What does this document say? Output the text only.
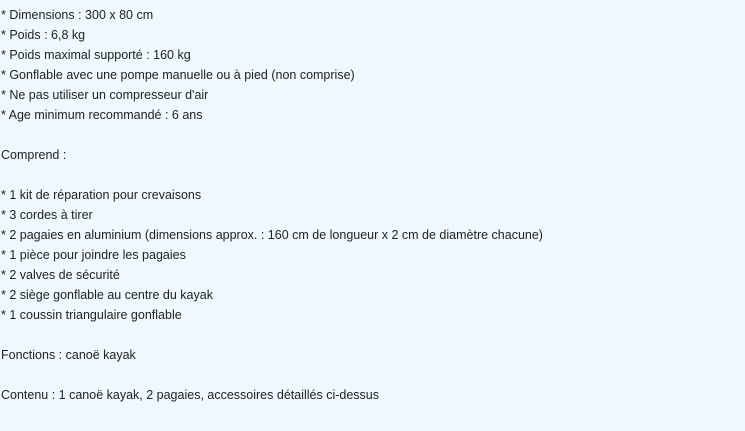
* Dimensions : 300 x 80 cm
* Poids : 6,8 kg
* Poids maximal supporté : 160 kg
* Gonflable avec une pompe manuelle ou à pied (non comprise)
* Ne pas utiliser un compresseur d'air
* Age minimum recommandé : 6 ans
Comprend :
* 1 kit de réparation pour crevaisons
* 3 cordes à tirer
* 2 pagaies en aluminium (dimensions approx. : 160 cm de longueur x 2 cm de diamètre chacune)
* 1 pièce pour joindre les pagaies
* 2 valves de sécurité
* 2 siège gonflable au centre du kayak
* 1 coussin triangulaire gonflable
Fonctions : canoë kayak
Contenu : 1 canoë kayak, 2 pagaies, accessoires détaillés ci-dessus
